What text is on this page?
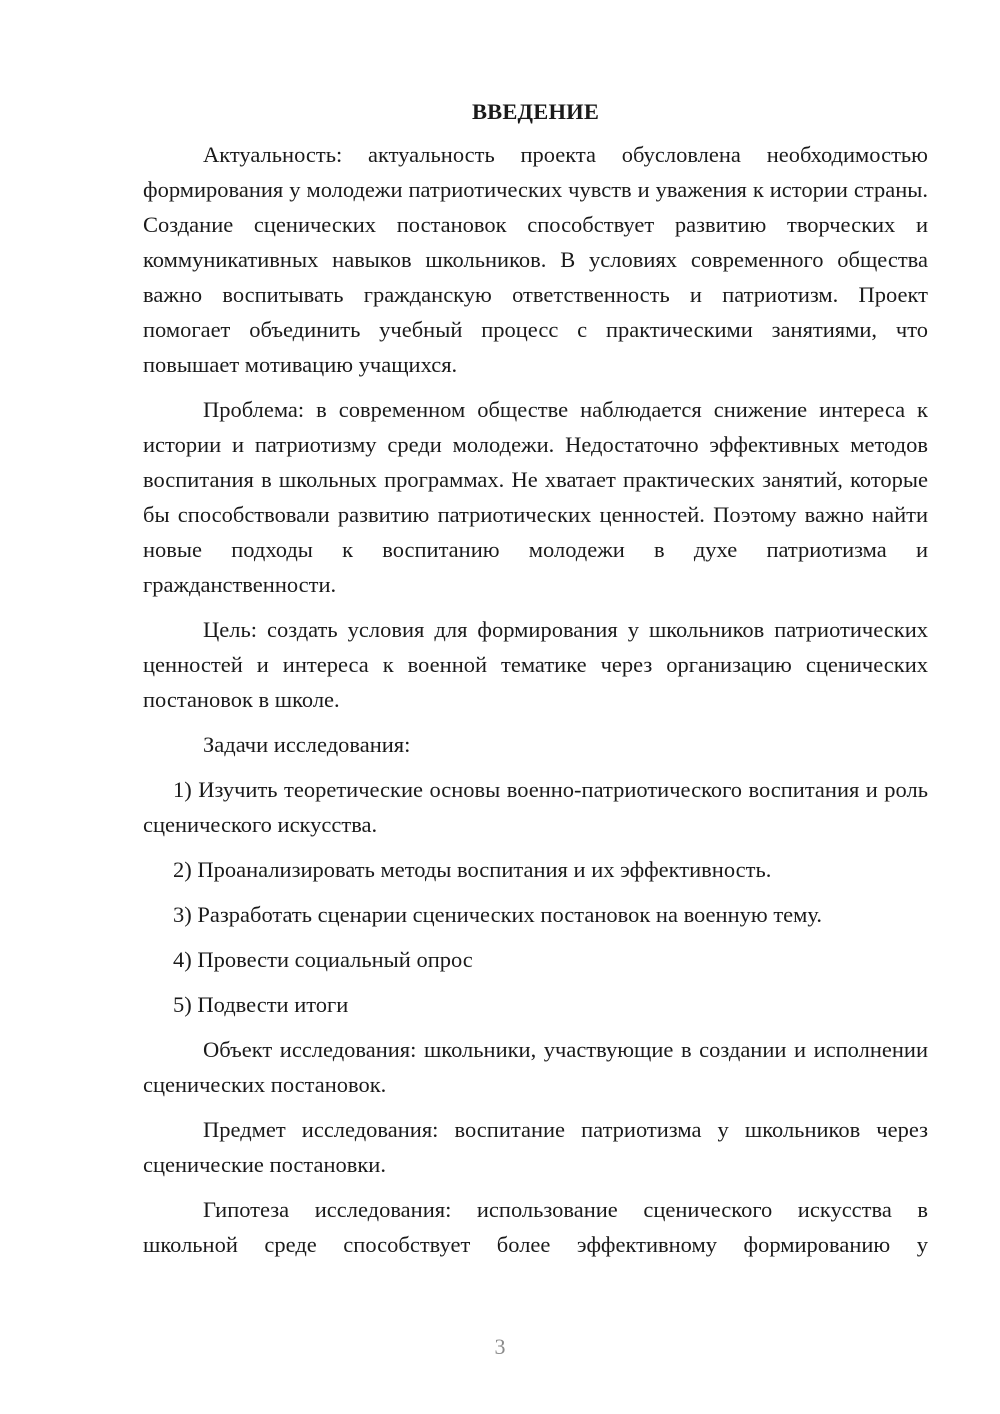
ВВЕДЕНИЕ

Актуальность: актуальность проекта обусловлена необходимостью формирования у молодежи патриотических чувств и уважения к истории страны. Создание сценических постановок способствует развитию творческих и коммуникативных навыков школьников. В условиях современного общества важно воспитывать гражданскую ответственность и патриотизм. Проект помогает объединить учебный процесс с практическими занятиями, что повышает мотивацию учащихся.

Проблема: в современном обществе наблюдается снижение интереса к истории и патриотизму среди молодежи. Недостаточно эффективных методов воспитания в школьных программах. Не хватает практических занятий, которые бы способствовали развитию патриотических ценностей. Поэтому важно найти новые подходы к воспитанию молодежи в духе патриотизма и гражданственности.

Цель: создать условия для формирования у школьников патриотических ценностей и интереса к военной тематике через организацию сценических постановок в школе.

Задачи исследования:

1) Изучить теоретические основы военно-патриотического воспитания и роль сценического искусства.

2) Проанализировать методы воспитания и их эффективность.

3) Разработать сценарии сценических постановок на военную тему.

4) Провести социальный опрос

5) Подвести итоги

Объект исследования: школьники, участвующие в создании и исполнении сценических постановок.

Предмет исследования: воспитание патриотизма у школьников через сценические постановки.

Гипотеза исследования: использование сценического искусства в школьной среде способствует более эффективному формированию у

3
